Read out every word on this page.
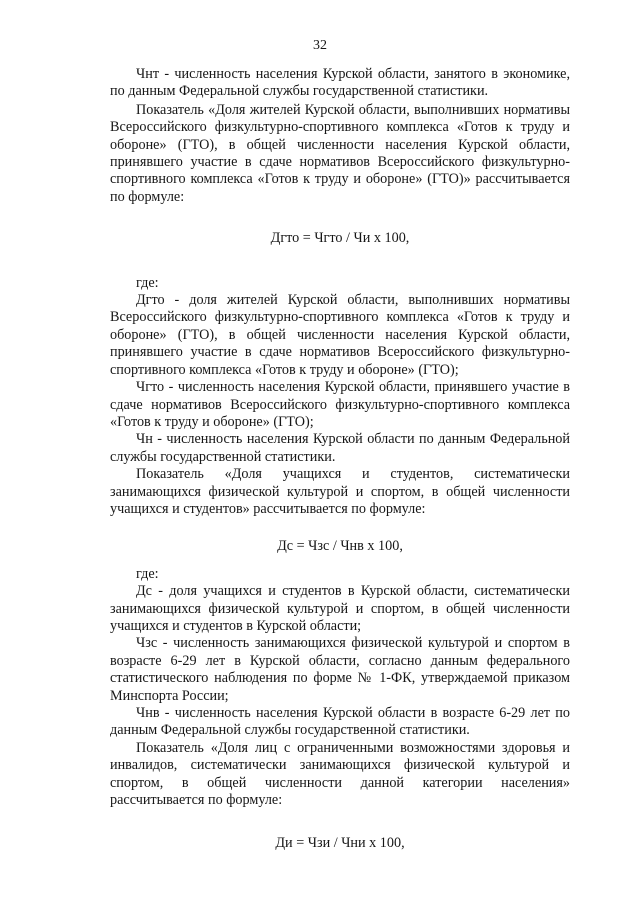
32

Чнт - численность населения Курской области, занятого в экономике, по данным Федеральной службы государственной статистики.

Показатель «Доля жителей Курской области, выполнивших нормативы Всероссийского физкультурно-спортивного комплекса «Готов к труду и обороне» (ГТО), в общей численности населения Курской области, принявшего участие в сдаче нормативов Всероссийского физкультурно-спортивного комплекса «Готов к труду и обороне» (ГТО)» рассчитывается по формуле:

Дгто = Чгто / Чи х 100,

где:

Дгто - доля жителей Курской области, выполнивших нормативы Всероссийского физкультурно-спортивного комплекса «Готов к труду и обороне» (ГТО), в общей численности населения Курской области, принявшего участие в сдаче нормативов Всероссийского физкультурно-спортивного комплекса «Готов к труду и обороне» (ГТО);

Чгто - численность населения Курской области, принявшего участие в сдаче нормативов Всероссийского физкультурно-спортивного комплекса «Готов к труду и обороне» (ГТО);

Чн - численность населения Курской области по данным Федеральной службы государственной статистики.

Показатель «Доля учащихся и студентов, систематически занимающихся физической культурой и спортом, в общей численности учащихся и студентов» рассчитывается по формуле:

Дс = Чзс / Чнв х 100,

где:

Дс - доля учащихся и студентов в Курской области, систематически занимающихся физической культурой и спортом, в общей численности учащихся и студентов в Курской области;

Чзс - численность занимающихся физической культурой и спортом в возрасте 6-29 лет в Курской области, согласно данным федерального статистического наблюдения по форме № 1-ФК, утверждаемой приказом Минспорта России;

Чнв - численность населения Курской области в возрасте 6-29 лет по данным Федеральной службы государственной статистики.

Показатель «Доля лиц с ограниченными возможностями здоровья и инвалидов, систематически занимающихся физической культурой и спортом, в общей численности данной категории населения» рассчитывается по формуле:

Ди = Чзи / Чни х 100,
